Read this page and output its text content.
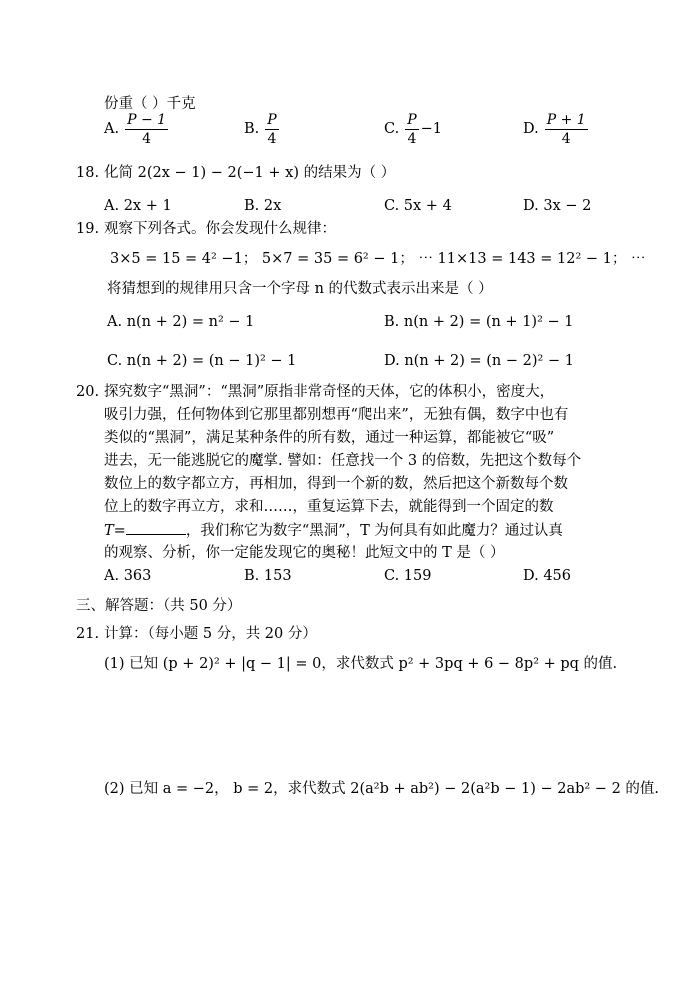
份重（ ）千克
A. $\frac{P - 1}{4}$	B. $\frac{P}{4}$	C. $\frac{P}{4} -1$	D. $\frac{P + 1}{4}$
18. 化简 2(2x − 1) − 2(−1 + x) 的结果为（ ）
A. 2x + 1	B. 2x	C. 5x + 4	D. 3x − 2
19. 观察下列各式。你会发现什么规律：
3×5 = 15 = 4² −1； 5×7 = 35 = 6² − 1； ⋯ 11×13 = 143 = 12² − 1； ⋯
将猜想到的规律用只含一个字母 n 的代数式表示出来是（ ）
A. n(n + 2) = n² − 1	B. n(n + 2) = (n + 1)² − 1
C. n(n + 2) = (n − 1)² − 1	D. n(n + 2) = (n − 2)² − 1
20. 探究数字“黑洞”：“黑洞”原指非常奇怪的天体，它的体积小，密度大，
吸引力强，任何物体到它那里都别想再“爬出来”，无独有偶，数字中也有
类似的“黑洞”，满足某种条件的所有数，通过一种运算，都能被它“吸”
进去，无一能逃脱它的魔掌. 譬如：任意找一个 3 的倍数，先把这个数每个
数位上的数字都立方，再相加，得到一个新的数，然后把这个新数每个数
位上的数字再立方，求和……，重复运算下去，就能得到一个固定的数
T=	，我们称它为数字“黑洞”，T 为何具有如此魔力？通过认真
的观察、分析，你一定能发现它的奥秘！此短文中的 T 是（ ）
A. 363	B. 153	C. 159	D. 456
三、解答题：（共 50 分）
21. 计算：（每小题 5 分，共 20 分）
(1) 已知 (p + 2)² + |q − 1| = 0，求代数式 p² + 3pq + 6 − 8p² + pq 的值.
(2) 已知 a = −2， b = 2，求代数式 2(a²b + ab²) − 2(a²b − 1) − 2ab² − 2 的值.
